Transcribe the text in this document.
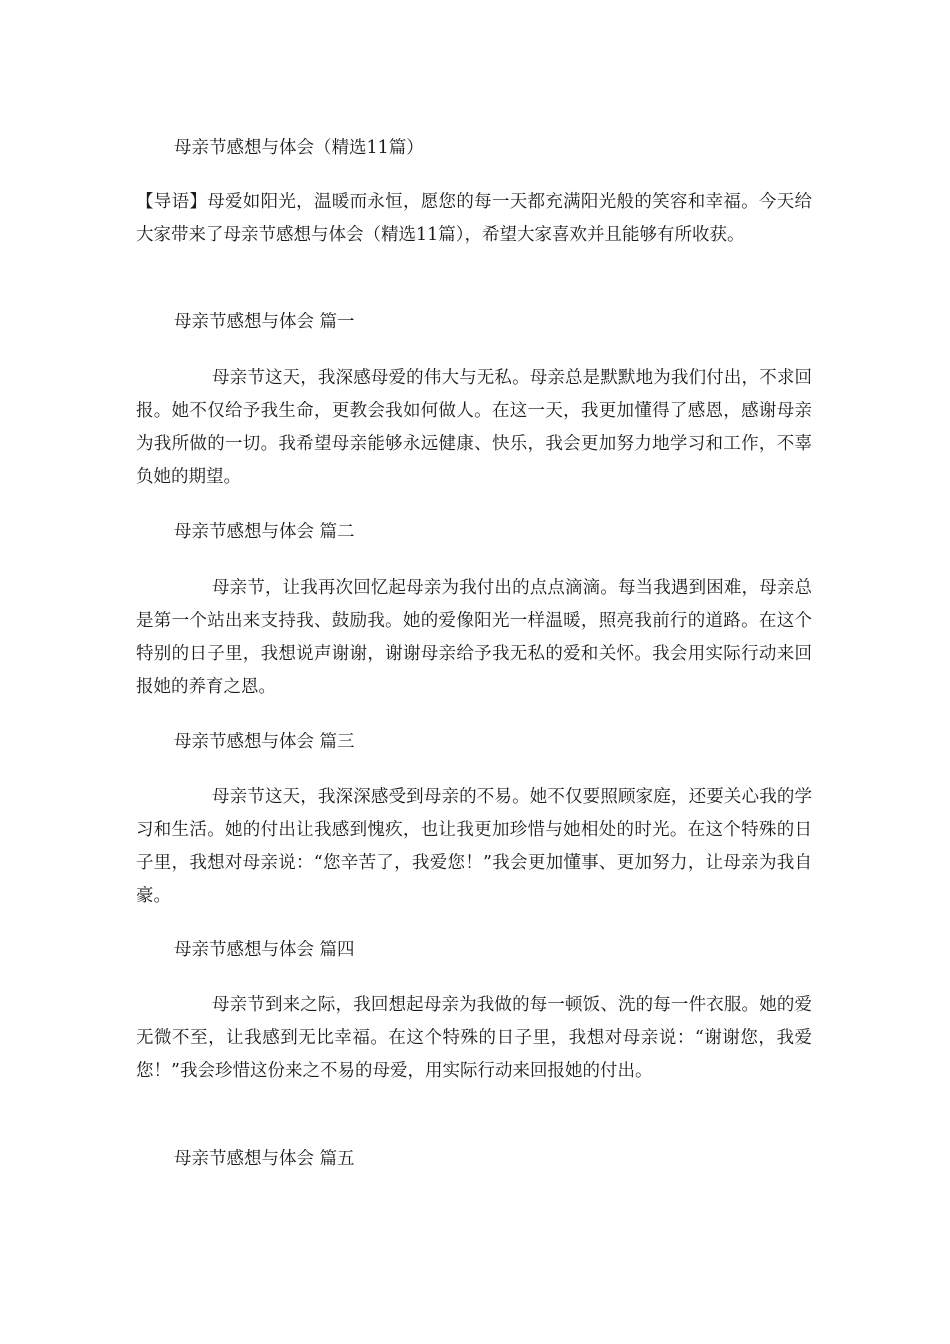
母亲节感想与体会（精选11篇）

【导语】母爱如阳光，温暖而永恒，愿您的每一天都充满阳光般的笑容和幸福。今天给大家带来了母亲节感想与体会（精选11篇），希望大家喜欢并且能够有所收获。

母亲节感想与体会 篇一

母亲节这天，我深感母爱的伟大与无私。母亲总是默默地为我们付出，不求回报。她不仅给予我生命，更教会我如何做人。在这一天，我更加懂得了感恩，感谢母亲为我所做的一切。我希望母亲能够永远健康、快乐，我会更加努力地学习和工作，不辜负她的期望。

母亲节感想与体会 篇二

母亲节，让我再次回忆起母亲为我付出的点点滴滴。每当我遇到困难，母亲总是第一个站出来支持我、鼓励我。她的爱像阳光一样温暖，照亮我前行的道路。在这个特别的日子里，我想说声谢谢，谢谢母亲给予我无私的爱和关怀。我会用实际行动来回报她的养育之恩。

母亲节感想与体会 篇三

母亲节这天，我深深感受到母亲的不易。她不仅要照顾家庭，还要关心我的学习和生活。她的付出让我感到愧疚，也让我更加珍惜与她相处的时光。在这个特殊的日子里，我想对母亲说：“您辛苦了，我爱您！”我会更加懂事、更加努力，让母亲为我自豪。

母亲节感想与体会 篇四

母亲节到来之际，我回想起母亲为我做的每一顿饭、洗的每一件衣服。她的爱无微不至，让我感到无比幸福。在这个特殊的日子里，我想对母亲说：“谢谢您，我爱您！”我会珍惜这份来之不易的母爱，用实际行动来回报她的付出。

母亲节感想与体会 篇五
